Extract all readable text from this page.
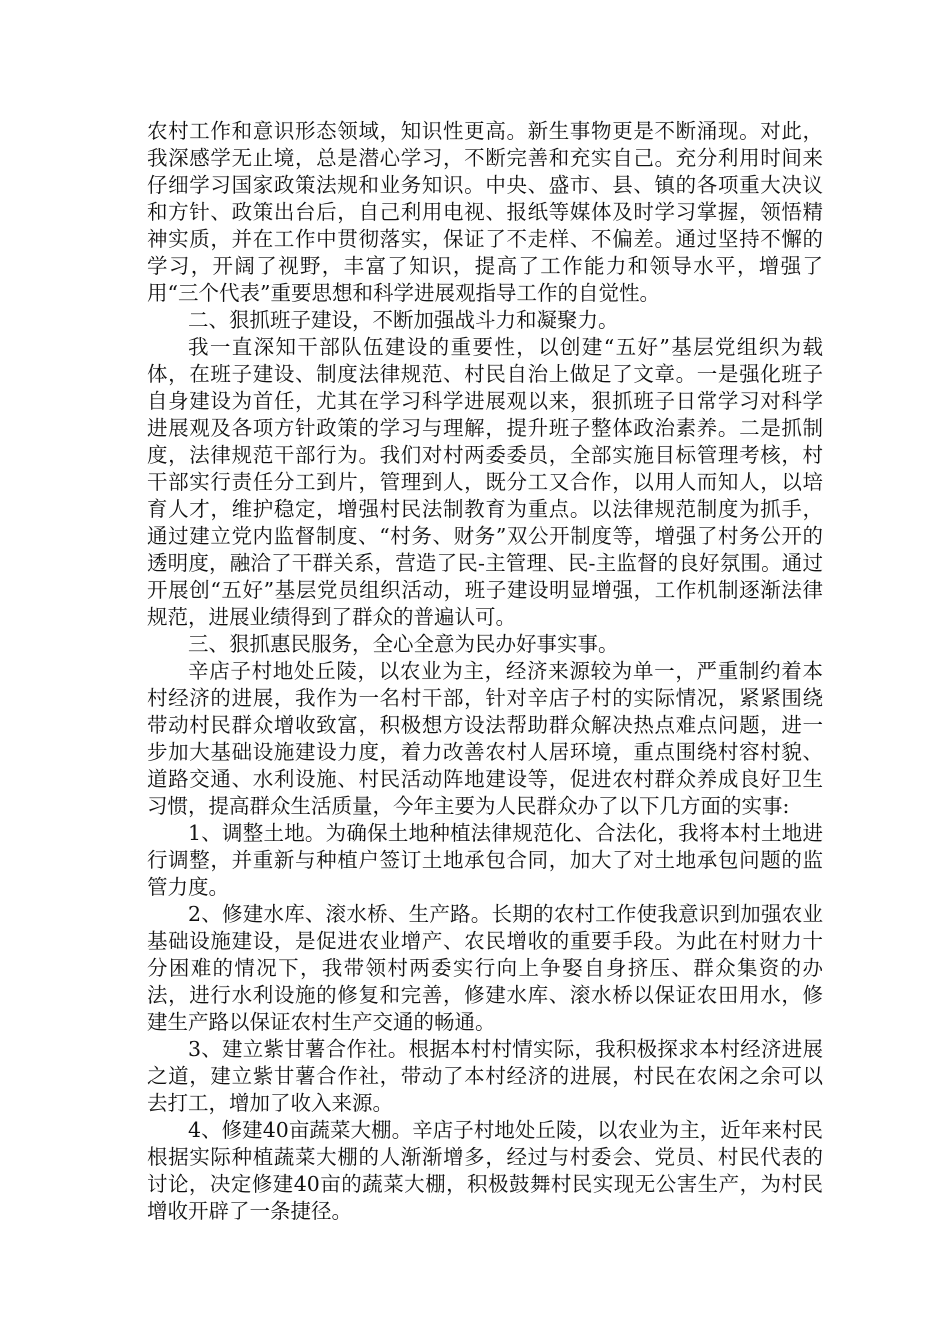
农村工作和意识形态领域，知识性更高。新生事物更是不断涌现。对此，我深感学无止境，总是潜心学习，不断完善和充实自己。充分利用时间来仔细学习国家政策法规和业务知识。中央、盛市、县、镇的各项重大决议和方针、政策出台后，自己利用电视、报纸等媒体及时学习掌握，领悟精神实质，并在工作中贯彻落实，保证了不走样、不偏差。通过坚持不懈的学习，开阔了视野，丰富了知识，提高了工作能力和领导水平，增强了用“三个代表”重要思想和科学进展观指导工作的自觉性。

二、狠抓班子建设，不断加强战斗力和凝聚力。

我一直深知干部队伍建设的重要性，以创建“五好”基层党组织为载体，在班子建设、制度法律规范、村民自治上做足了文章。一是强化班子自身建设为首任，尤其在学习科学进展观以来，狠抓班子日常学习对科学进展观及各项方针政策的学习与理解，提升班子整体政治素养。二是抓制度，法律规范干部行为。我们对村两委委员，全部实施目标管理考核，村干部实行责任分工到片，管理到人，既分工又合作，以用人而知人，以培育人才，维护稳定，增强村民法制教育为重点。以法律规范制度为抓手，通过建立党内监督制度、“村务、财务”双公开制度等，增强了村务公开的透明度，融洽了干群关系，营造了民-主管理、民-主监督的良好氛围。通过开展创“五好”基层党员组织活动，班子建设明显增强，工作机制逐渐法律规范，进展业绩得到了群众的普遍认可。

三、狠抓惠民服务，全心全意为民办好事实事。

辛店子村地处丘陵，以农业为主，经济来源较为单一，严重制约着本村经济的进展，我作为一名村干部，针对辛店子村的实际情况，紧紧围绕带动村民群众增收致富，积极想方设法帮助群众解决热点难点问题，进一步加大基础设施建设力度，着力改善农村人居环境，重点围绕村容村貌、道路交通、水利设施、村民活动阵地建设等，促进农村群众养成良好卫生习惯，提高群众生活质量，今年主要为人民群众办了以下几方面的实事:

1、调整土地。为确保土地种植法律规范化、合法化，我将本村土地进行调整，并重新与种植户签订土地承包合同，加大了对土地承包问题的监管力度。

2、修建水库、滚水桥、生产路。长期的农村工作使我意识到加强农业基础设施建设，是促进农业增产、农民增收的重要手段。为此在村财力十分困难的情况下，我带领村两委实行向上争娶自身挤压、群众集资的办法，进行水利设施的修复和完善，修建水库、滚水桥以保证农田用水，修建生产路以保证农村生产交通的畅通。

3、建立紫甘薯合作社。根据本村村情实际，我积极探求本村经济进展之道，建立紫甘薯合作社，带动了本村经济的进展，村民在农闲之余可以去打工，增加了收入来源。

4、修建40亩蔬菜大棚。辛店子村地处丘陵，以农业为主，近年来村民根据实际种植蔬菜大棚的人渐渐增多，经过与村委会、党员、村民代表的讨论，决定修建40亩的蔬菜大棚，积极鼓舞村民实现无公害生产，为村民增收开辟了一条捷径。
